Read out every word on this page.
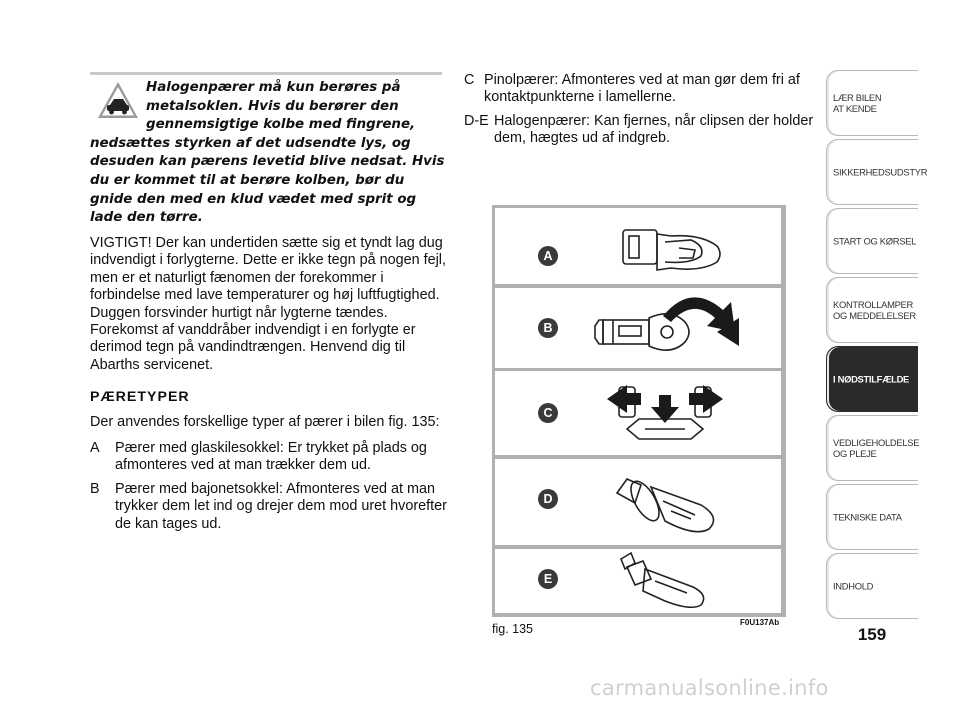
Halogenpærer må kun berøres på metalsoklen. Hvis du berører den gennemsigtige kolbe med fingrene, nedsættes styrken af det udsendte lys, og desuden kan pærens levetid blive nedsat. Hvis du er kommet til at berøre kolben, bør du gnide den med en klud vædet med sprit og lade den tørre.
VIGTIGT! Der kan undertiden sætte sig et tyndt lag dug indvendigt i forlygterne. Dette er ikke tegn på nogen fejl, men er et naturligt fænomen der forekommer i forbindelse med lave temperaturer og høj luftfugtighed. Duggen forsvinder hurtigt når lygterne tændes. Forekomst af vanddråber indvendigt i en forlygte er derimod tegn på vandindtrængen. Henvend dig til Abarths servicenet.
PÆRETYPER
Der anvendes forskellige typer af pærer i bilen fig. 135:
A	Pærer med glaskilesokkel: Er trykket på plads og afmonteres ved at man trækker dem ud.
B	Pærer med bajonetsokkel: Afmonteres ved at man trykker dem let ind og drejer dem mod uret hvorefter de kan tages ud.
C Pinolpærer: Afmonteres ved at man gør dem fri af kontaktpunkterne i lamellerne.
D-E Halogenpærer: Kan fjernes, når clipsen der holder dem, hægtes ud af indgreb.
A
B
C
D
E
fig. 135	F0U137Ab
LÆR BILEN
AT KENDE
SIKKERHEDSUDSTYR
START OG KØRSEL
KONTROLLAMPER
OG MEDDELELSER
I NØDSTILFÆLDE
VEDLIGEHOLDELSE
OG PLEJE
TEKNISKE DATA
INDHOLD
159
carmanualsonline.info
